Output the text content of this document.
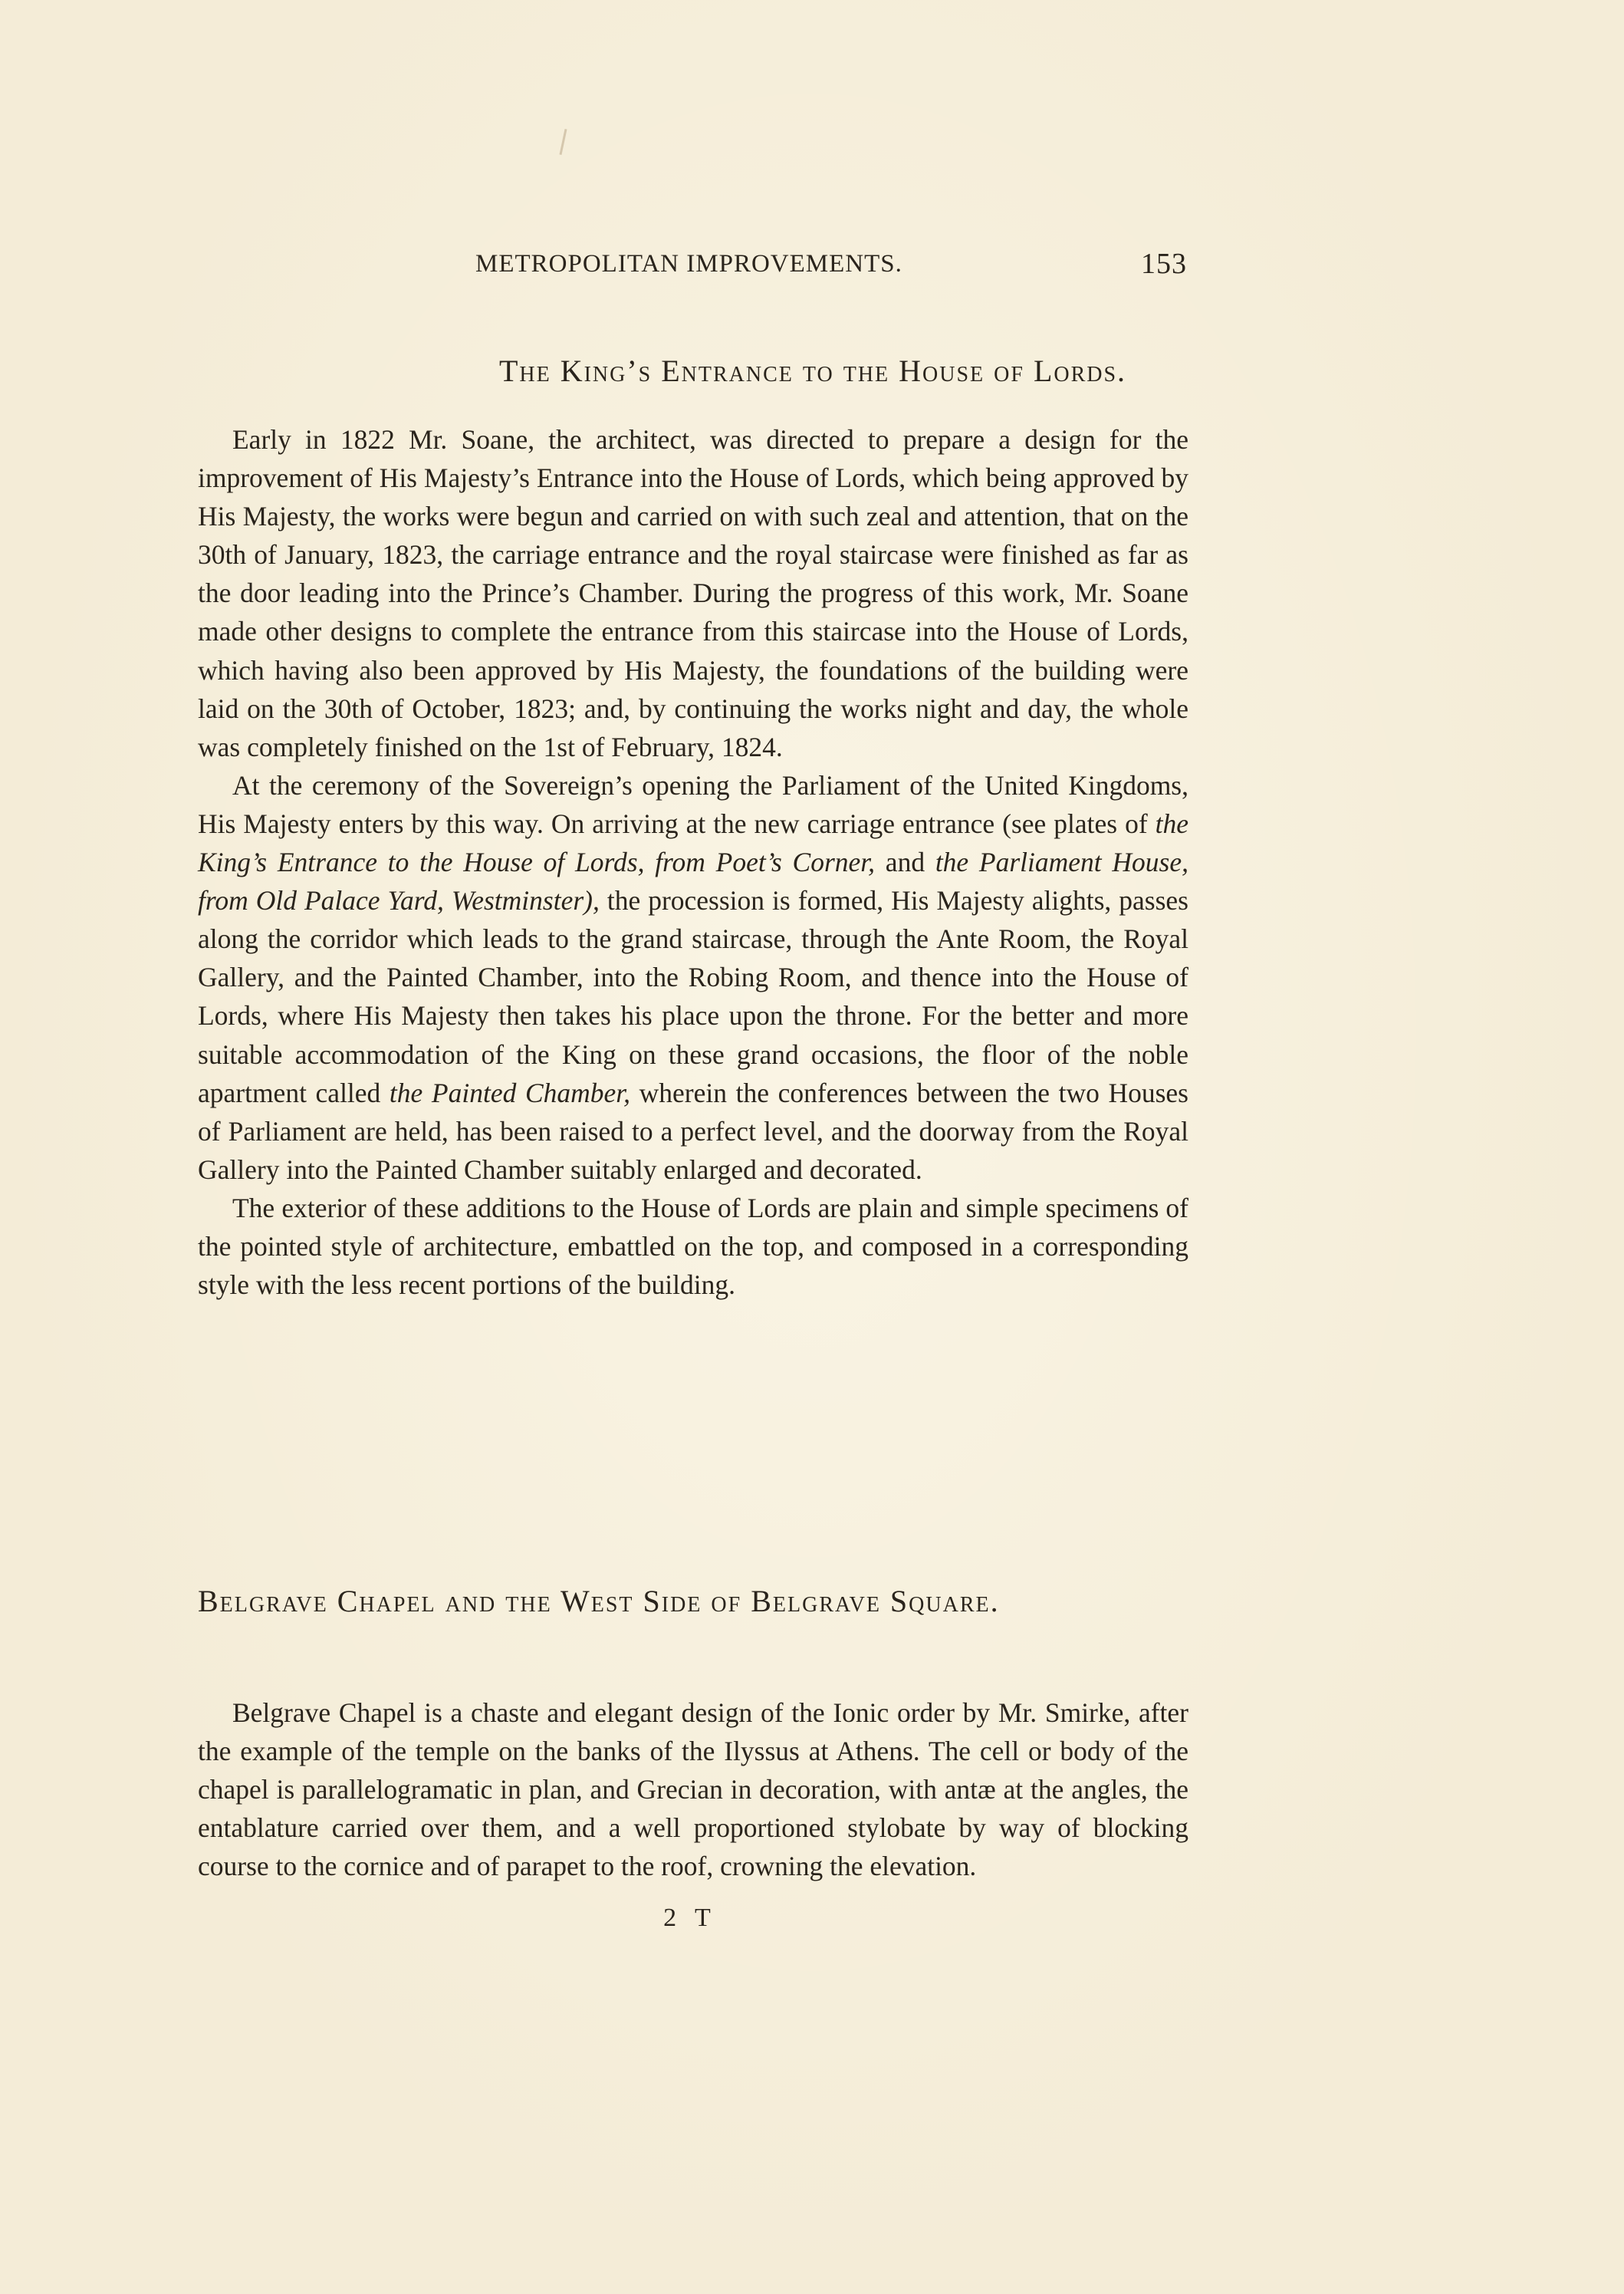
METROPOLITAN IMPROVEMENTS.	153
The King’s Entrance to the House of Lords.

Early in 1822 Mr. Soane, the architect, was directed to prepare a design for the improvement of His Majesty’s Entrance into the House of Lords, which being approved by His Majesty, the works were begun and carried on with such zeal and attention, that on the 30th of January, 1823, the carriage entrance and the royal staircase were finished as far as the door leading into the Prince’s Chamber. During the progress of this work, Mr. Soane made other designs to complete the entrance from this staircase into the House of Lords, which having also been approved by His Majesty, the foundations of the building were laid on the 30th of October, 1823; and, by continuing the works night and day, the whole was completely finished on the 1st of February, 1824.

At the ceremony of the Sovereign’s opening the Parliament of the United Kingdoms, His Majesty enters by this way. On arriving at the new carriage entrance (see plates of the King’s Entrance to the House of Lords, from Poet’s Corner, and the Parliament House, from Old Palace Yard, Westminster), the procession is formed, His Majesty alights, passes along the corridor which leads to the grand staircase, through the Ante Room, the Royal Gallery, and the Painted Chamber, into the Robing Room, and thence into the House of Lords, where His Majesty then takes his place upon the throne. For the better and more suitable accommodation of the King on these grand occasions, the floor of the noble apartment called the Painted Chamber, wherein the conferences between the two Houses of Parliament are held, has been raised to a perfect level, and the doorway from the Royal Gallery into the Painted Chamber suitably enlarged and decorated.

The exterior of these additions to the House of Lords are plain and simple specimens of the pointed style of architecture, embattled on the top, and composed in a corresponding style with the less recent portions of the building.

Belgrave Chapel and the West Side of Belgrave Square.

Belgrave Chapel is a chaste and elegant design of the Ionic order by Mr. Smirke, after the example of the temple on the banks of the Ilyssus at Athens. The cell or body of the chapel is parallelogramatic in plan, and Grecian in decoration, with antæ at the angles, the entablature carried over them, and a well proportioned stylobate by way of blocking course to the cornice and of parapet to the roof, crowning the elevation.

2 T
